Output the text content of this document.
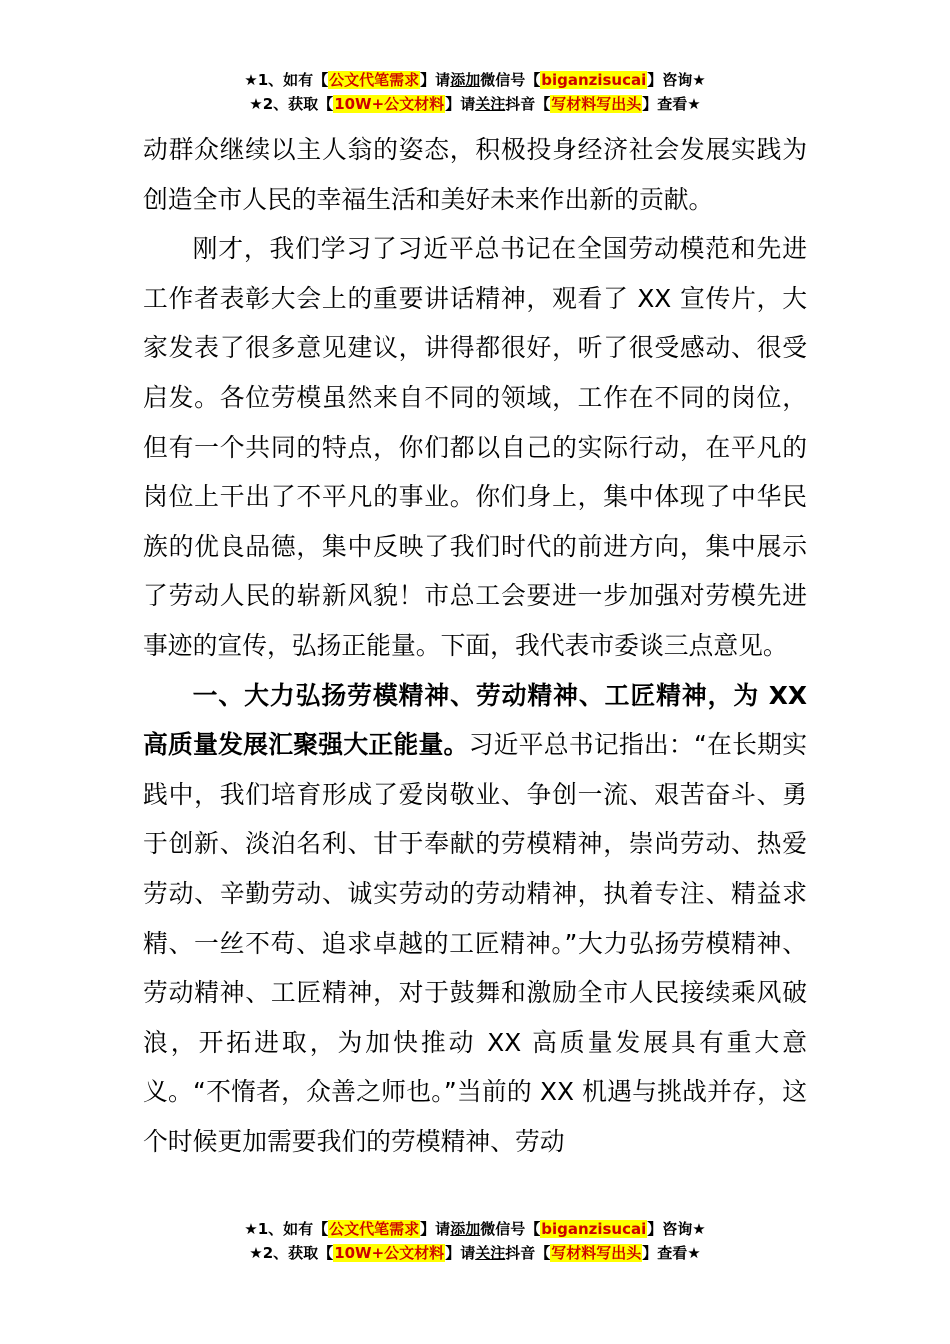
★1、如有【公文代笔需求】请添加微信号【biganzisucai】咨询★
★2、获取【10W+公文材料】请关注抖音【写材料写出头】查看★

动群众继续以主人翁的姿态，积极投身经济社会发展实践为创造全市人民的幸福生活和美好未来作出新的贡献。

刚才，我们学习了习近平总书记在全国劳动模范和先进工作者表彰大会上的重要讲话精神，观看了 XX 宣传片，大家发表了很多意见建议，讲得都很好，听了很受感动、很受启发。各位劳模虽然来自不同的领域，工作在不同的岗位，但有一个共同的特点，你们都以自己的实际行动，在平凡的岗位上干出了不平凡的事业。你们身上，集中体现了中华民族的优良品德，集中反映了我们时代的前进方向，集中展示了劳动人民的崭新风貌！市总工会要进一步加强对劳模先进事迹的宣传，弘扬正能量。下面，我代表市委谈三点意见。

一、大力弘扬劳模精神、劳动精神、工匠精神，为 XX 高质量发展汇聚强大正能量。习近平总书记指出：“在长期实践中，我们培育形成了爱岗敬业、争创一流、艰苦奋斗、勇于创新、淡泊名利、甘于奉献的劳模精神，崇尚劳动、热爱劳动、辛勤劳动、诚实劳动的劳动精神，执着专注、精益求精、一丝不苟、追求卓越的工匠精神。”大力弘扬劳模精神、劳动精神、工匠精神，对于鼓舞和激励全市人民接续乘风破浪，开拓进取，为加快推动 XX 高质量发展具有重大意义。“不惰者，众善之师也。”当前的 XX 机遇与挑战并存，这个时候更加需要我们的劳模精神、劳动

★1、如有【公文代笔需求】请添加微信号【biganzisucai】咨询★
★2、获取【10W+公文材料】请关注抖音【写材料写出头】查看★
